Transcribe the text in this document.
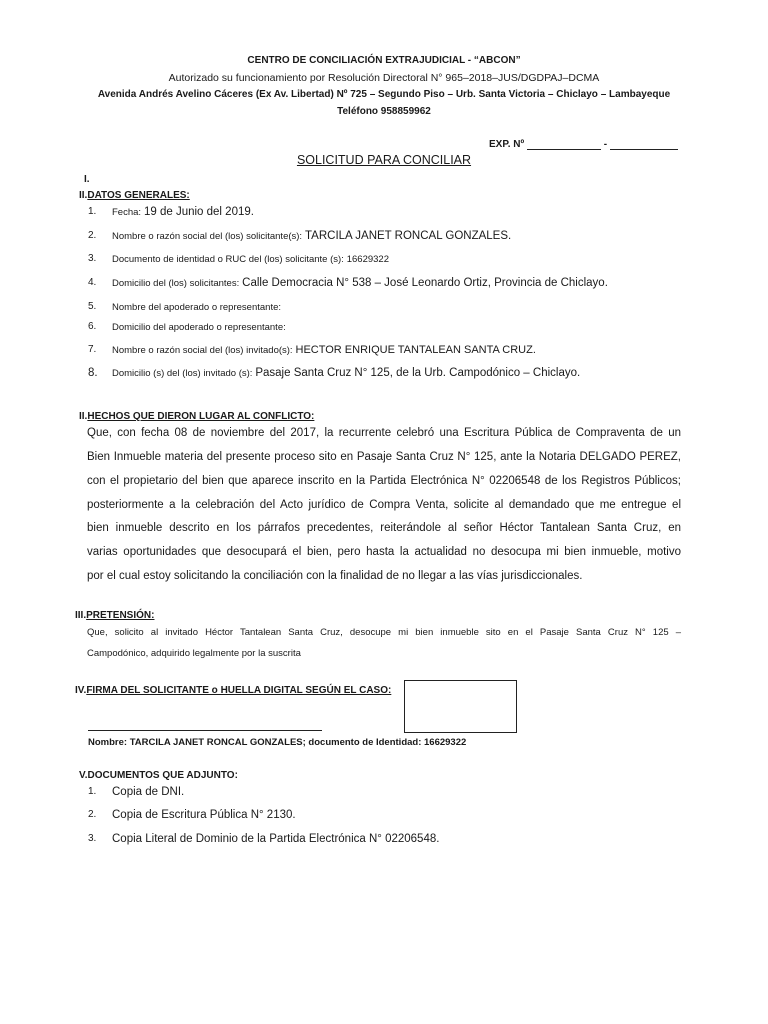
CENTRO DE CONCILIACIÓN EXTRAJUDICIAL - “ABCON”
Autorizado su funcionamiento por Resolución Directoral N° 965–2018–JUS/DGDPAJ–DCMA
Avenida Andrés Avelino Cáceres (Ex Av. Libertad) Nº 725 – Segundo Piso – Urb. Santa Victoria – Chiclayo – Lambayeque
Teléfono 958859962
EXP. Nº	-
SOLICITUD PARA CONCILIAR
I.
II.DATOS GENERALES:
1. Fecha: 19 de Junio del 2019.
2. Nombre o razón social del (los) solicitante(s): TARCILA JANET RONCAL GONZALES.
3. Documento de identidad o RUC del (los) solicitante (s): 16629322
4. Domicilio del (los) solicitantes: Calle Democracia N° 538 – José Leonardo Ortiz, Provincia de Chiclayo.
5. Nombre del apoderado o representante:
6. Domicilio del apoderado o representante:
7. Nombre o razón social del (los) invitado(s): HECTOR ENRIQUE TANTALEAN SANTA CRUZ.
8. Domicilio (s) del (los) invitado (s): Pasaje Santa Cruz N° 125, de la Urb. Campodónico – Chiclayo.
II.HECHOS QUE DIERON LUGAR AL CONFLICTO:
Que, con fecha 08 de noviembre del 2017, la recurrente celebró una Escritura Pública de Compraventa de un
Bien Inmueble materia del presente proceso sito en Pasaje Santa Cruz N° 125, ante la Notaria DELGADO PEREZ,
con el propietario del bien que aparece inscrito en la Partida Electrónica N° 02206548 de los Registros Públicos;
posteriormente a la celebración del Acto jurídico de Compra Venta, solicite al demandado que me entregue el
bien inmueble descrito en los párrafos precedentes, reiterándole al señor Héctor Tantalean Santa Cruz, en
varias oportunidades que desocupará el bien, pero hasta la actualidad no desocupa mi bien inmueble, motivo
por el cual estoy solicitando la conciliación con la finalidad de no llegar a las vías jurisdiccionales.
III.PRETENSIÓN:
Que, solicito al invitado Héctor Tantalean Santa Cruz, desocupe mi bien inmueble sito en el Pasaje Santa Cruz N° 125 –
Campodónico, adquirido legalmente por la suscrita
IV.FIRMA DEL SOLICITANTE o HUELLA DIGITAL SEGÚN EL CASO:
Nombre: TARCILA JANET RONCAL GONZALES; documento de Identidad: 16629322
V.DOCUMENTOS QUE ADJUNTO:
1. Copia de DNI.
2. Copia de Escritura Pública N° 2130.
3. Copia Literal de Dominio de la Partida Electrónica N° 02206548.
